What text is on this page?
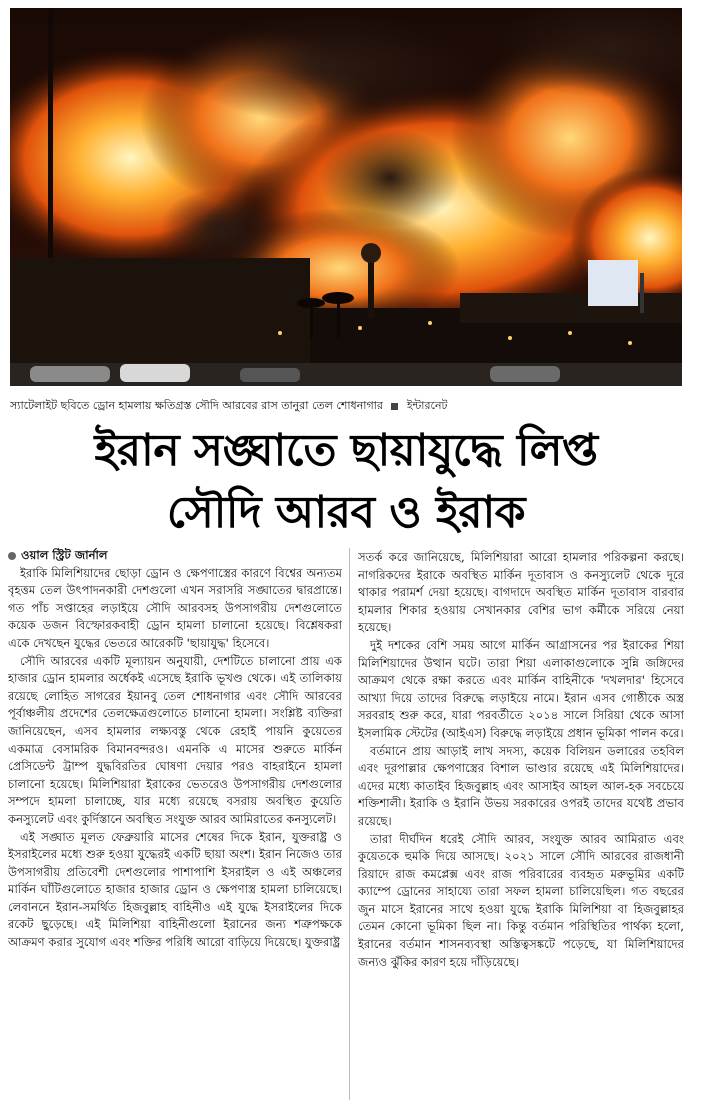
স্যাটেলাইট ছবিতে ড্রোন হামলায় ক্ষতিগ্রস্ত সৌদি আরবের রাস তানুরা তেল শোধনাগার ইন্টারনেট
ইরান সঙ্ঘাতে ছায়াযুদ্ধে লিপ্ত
সৌদি আরব ও ইরাক
ওয়াল স্ট্রিট জার্নাল

ইরাকি মিলিশিয়াদের ছোড়া ড্রোন ও ক্ষেপণাস্ত্রের কারণে বিশ্বের অন্যতম বৃহত্তম তেল উৎপাদনকারী দেশগুলো এখন সরাসরি সঙ্ঘাতের দ্বারপ্রান্তে। গত পাঁচ সপ্তাহের লড়াইয়ে সৌদি আরবসহ উপসাগরীয় দেশগুলোতে কয়েক ডজন বিস্ফোরকবাহী ড্রোন হামলা চালানো হয়েছে। বিশ্লেষকরা একে দেখছেন যুদ্ধের ভেতরে আরেকটি 'ছায়াযুদ্ধ' হিসেবে।

সৌদি আরবের একটি মূল্যায়ন অনুযায়ী, দেশটিতে চালানো প্রায় এক হাজার ড্রোন হামলার অর্ধেকই এসেছে ইরাকি ভূখণ্ড থেকে। এই তালিকায় রয়েছে লোহিত সাগরের ইয়ানবু তেল শোধনাগার এবং সৌদি আরবের পূর্বাঞ্চলীয় প্রদেশের তেলক্ষেত্রগুলোতে চালানো হামলা। সংশ্লিষ্ট ব্যক্তিরা জানিয়েছেন, এসব হামলার লক্ষ্যবস্তু থেকে রেহাই পায়নি কুয়েতের একমাত্র বেসামরিক বিমানবন্দরও। এমনকি এ মাসের শুরুতে মার্কিন প্রেসিডেন্ট ট্রাম্প যুদ্ধবিরতির ঘোষণা দেয়ার পরও বাহরাইনে হামলা চালানো হয়েছে। মিলিশিয়ারা ইরাকের ভেতরেও উপসাগরীয় দেশগুলোর সম্পদে হামলা চালাচ্ছে, যার মধ্যে রয়েছে বসরায় অবস্থিত কুয়েতি কনস্যুলেট এবং কুর্দিস্তানে অবস্থিত সংযুক্ত আরব আমিরাতের কনস্যুলেট।

এই সঙ্ঘাত মূলত ফেব্রুয়ারি মাসের শেষের দিকে ইরান, যুক্তরাষ্ট্র ও ইসরাইলের মধ্যে শুরু হওয়া যুদ্ধেরই একটি ছায়া অংশ। ইরান নিজেও তার উপসাগরীয় প্রতিবেশী দেশগুলোর পাশাপাশি ইসরাইল ও এই অঞ্চলের মার্কিন ঘাঁটিগুলোতে হাজার হাজার ড্রোন ও ক্ষেপণাস্ত্র হামলা চালিয়েছে। লেবাননে ইরান-সমর্থিত হিজবুল্লাহ বাহিনীও এই যুদ্ধে ইসরাইলের দিকে রকেট ছুড়েছে। এই মিলিশিয়া বাহিনীগুলো ইরানের জন্য শত্রুপক্ষকে আক্রমণ করার সুযোগ এবং শক্তির পরিধি আরো বাড়িয়ে দিয়েছে। যুক্তরাষ্ট্র

সতর্ক করে জানিয়েছে, মিলিশিয়ারা আরো হামলার পরিকল্পনা করছে। নাগরিকদের ইরাকে অবস্থিত মার্কিন দূতাবাস ও কনস্যুলেট থেকে দূরে থাকার পরামর্শ দেয়া হয়েছে। বাগদাদে অবস্থিত মার্কিন দূতাবাস বারবার হামলার শিকার হওয়ায় সেখানকার বেশির ভাগ কর্মীকে সরিয়ে নেয়া হয়েছে।

দুই দশকের বেশি সময় আগে মার্কিন আগ্রাসনের পর ইরাকের শিয়া মিলিশিয়াদের উত্থান ঘটে। তারা শিয়া এলাকাগুলোকে সুন্নি জঙ্গিদের আক্রমণ থেকে রক্ষা করতে এবং মার্কিন বাহিনীকে 'দখলদার' হিসেবে আখ্যা দিয়ে তাদের বিরুদ্ধে লড়াইয়ে নামে। ইরান এসব গোষ্ঠীকে অস্ত্র সরবরাহ শুরু করে, যারা পরবর্তীতে ২০১৪ সালে সিরিয়া থেকে আসা ইসলামিক স্টেটের (আইএস) বিরুদ্ধে লড়াইয়ে প্রধান ভূমিকা পালন করে।

বর্তমানে প্রায় আড়াই লাখ সদস্য, কয়েক বিলিয়ন ডলারের তহবিল এবং দূরপাল্লার ক্ষেপণাস্ত্রের বিশাল ভাণ্ডার রয়েছে এই মিলিশিয়াদের। এদের মধ্যে কাতাইব হিজবুল্লাহ এবং আসাইব আহল আল-হক সবচেয়ে শক্তিশালী। ইরাকি ও ইরানি উভয় সরকারের ওপরই তাদের যথেষ্ট প্রভাব রয়েছে।

তারা দীর্ঘদিন ধরেই সৌদি আরব, সংযুক্ত আরব আমিরাত এবং কুয়েতকে হুমকি দিয়ে আসছে। ২০২১ সালে সৌদি আরবের রাজধানী রিয়াদে রাজ কমপ্লেক্স এবং রাজ পরিবারের ব্যবহৃত মরুভূমির একটি ক্যাম্পে ড্রোনের সাহায্যে তারা সফল হামলা চালিয়েছিল। গত বছরের জুন মাসে ইরানের সাথে হওয়া যুদ্ধে ইরাকি মিলিশিয়া বা হিজবুল্লাহর তেমন কোনো ভূমিকা ছিল না। কিন্তু বর্তমান পরিস্থিতির পার্থক্য হলো, ইরানের বর্তমান শাসনব্যবস্থা অস্তিত্বসঙ্কটে পড়েছে, যা মিলিশিয়াদের জন্যও ঝুঁকির কারণ হয়ে দাঁড়িয়েছে।
